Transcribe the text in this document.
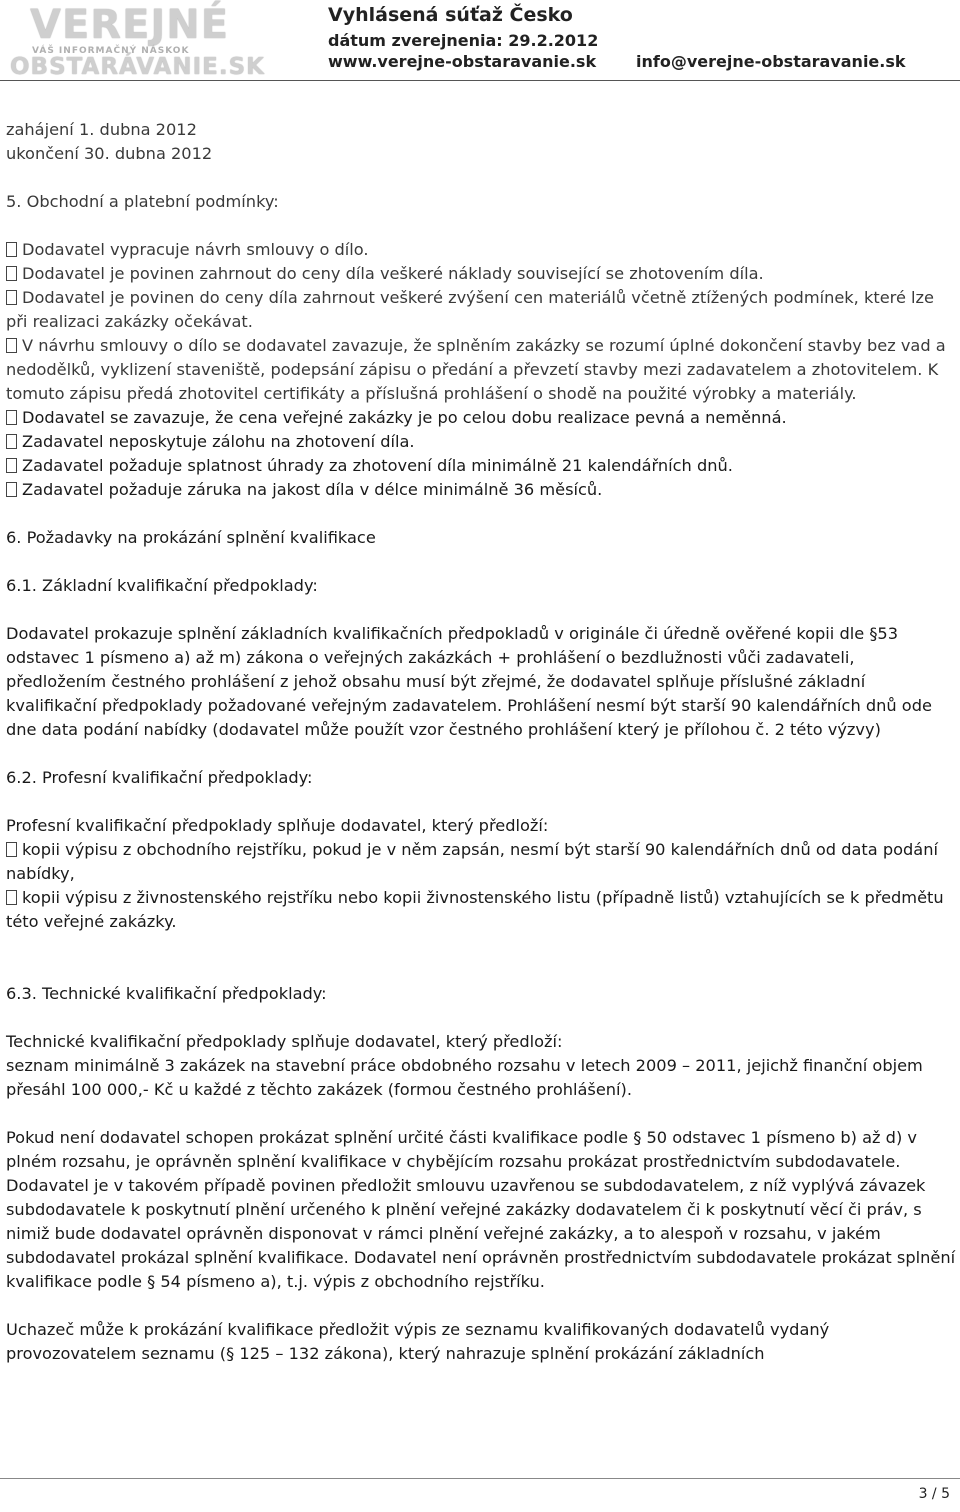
VEREJNÉ
VÁŠ INFORMAČNÝ NÁSKOK
OBSTARÁVANIE.SK
Vyhlásená súťaž Česko
dátum zverejnenia: 29.2.2012
www.verejne-obstaravanie.sk info@verejne-obstaravanie.sk

zahájení 1. dubna 2012

ukončení 30. dubna 2012

5. Obchodní a platební podmínky:

Dodavatel vypracuje návrh smlouvy o dílo.

Dodavatel je povinen zahrnout do ceny díla veškeré náklady související se zhotovením díla.

Dodavatel je povinen do ceny díla zahrnout veškeré zvýšení cen materiálů včetně ztížených podmínek, které lze při realizaci zakázky očekávat.

V návrhu smlouvy o dílo se dodavatel zavazuje, že splněním zakázky se rozumí úplné dokončení stavby bez vad a nedodělků, vyklizení staveniště, podepsání zápisu o předání a převzetí stavby mezi zadavatelem a zhotovitelem. K tomuto zápisu předá zhotovitel certifikáty a příslušná prohlášení o shodě na použité výrobky a materiály.

Dodavatel se zavazuje, že cena veřejné zakázky je po celou dobu realizace pevná a neměnná.

Zadavatel neposkytuje zálohu na zhotovení díla.

Zadavatel požaduje splatnost úhrady za zhotovení díla minimálně 21 kalendářních dnů.

Zadavatel požaduje záruka na jakost díla v délce minimálně 36 měsíců.

6. Požadavky na prokázání splnění kvalifikace

6.1. Základní kvalifikační předpoklady:

Dodavatel prokazuje splnění základních kvalifikačních předpokladů v originále či úředně ověřené kopii dle §53 odstavec 1 písmeno a) až m) zákona o veřejných zakázkách + prohlášení o bezdlužnosti vůči zadavateli, předložením čestného prohlášení z jehož obsahu musí být zřejmé, že dodavatel splňuje příslušné základní kvalifikační předpoklady požadované veřejným zadavatelem. Prohlášení nesmí být starší 90 kalendářních dnů ode dne data podání nabídky (dodavatel může použít vzor čestného prohlášení který je přílohou č. 2 této výzvy)

6.2. Profesní kvalifikační předpoklady:

Profesní kvalifikační předpoklady splňuje dodavatel, který předloží:

kopii výpisu z obchodního rejstříku, pokud je v něm zapsán, nesmí být starší 90 kalendářních dnů od data podání nabídky,

kopii výpisu z živnostenského rejstříku nebo kopii živnostenského listu (případně listů) vztahujících se k předmětu této veřejné zakázky.

6.3. Technické kvalifikační předpoklady:

Technické kvalifikační předpoklady splňuje dodavatel, který předloží:

seznam minimálně 3 zakázek na stavební práce obdobného rozsahu v letech 2009 – 2011, jejichž finanční objem přesáhl 100 000,- Kč u každé z těchto zakázek (formou čestného prohlášení).

Pokud není dodavatel schopen prokázat splnění určité části kvalifikace podle § 50 odstavec 1 písmeno b) až d) v plném rozsahu, je oprávněn splnění kvalifikace v chybějícím rozsahu prokázat prostřednictvím subdodavatele. Dodavatel je v takovém případě povinen předložit smlouvu uzavřenou se subdodavatelem, z níž vyplývá závazek subdodavatele k poskytnutí plnění určeného k plnění veřejné zakázky dodavatelem či k poskytnutí věcí či práv, s nimiž bude dodavatel oprávněn disponovat v rámci plnění veřejné zakázky, a to alespoň v rozsahu, v jakém subdodavatel prokázal splnění kvalifikace. Dodavatel není oprávněn prostřednictvím subdodavatele prokázat splnění kvalifikace podle § 54 písmeno a), t.j. výpis z obchodního rejstříku.

Uchazeč může k prokázání kvalifikace předložit výpis ze seznamu kvalifikovaných dodavatelů vydaný provozovatelem seznamu (§ 125 – 132 zákona), který nahrazuje splnění prokázání základních

3 / 5
